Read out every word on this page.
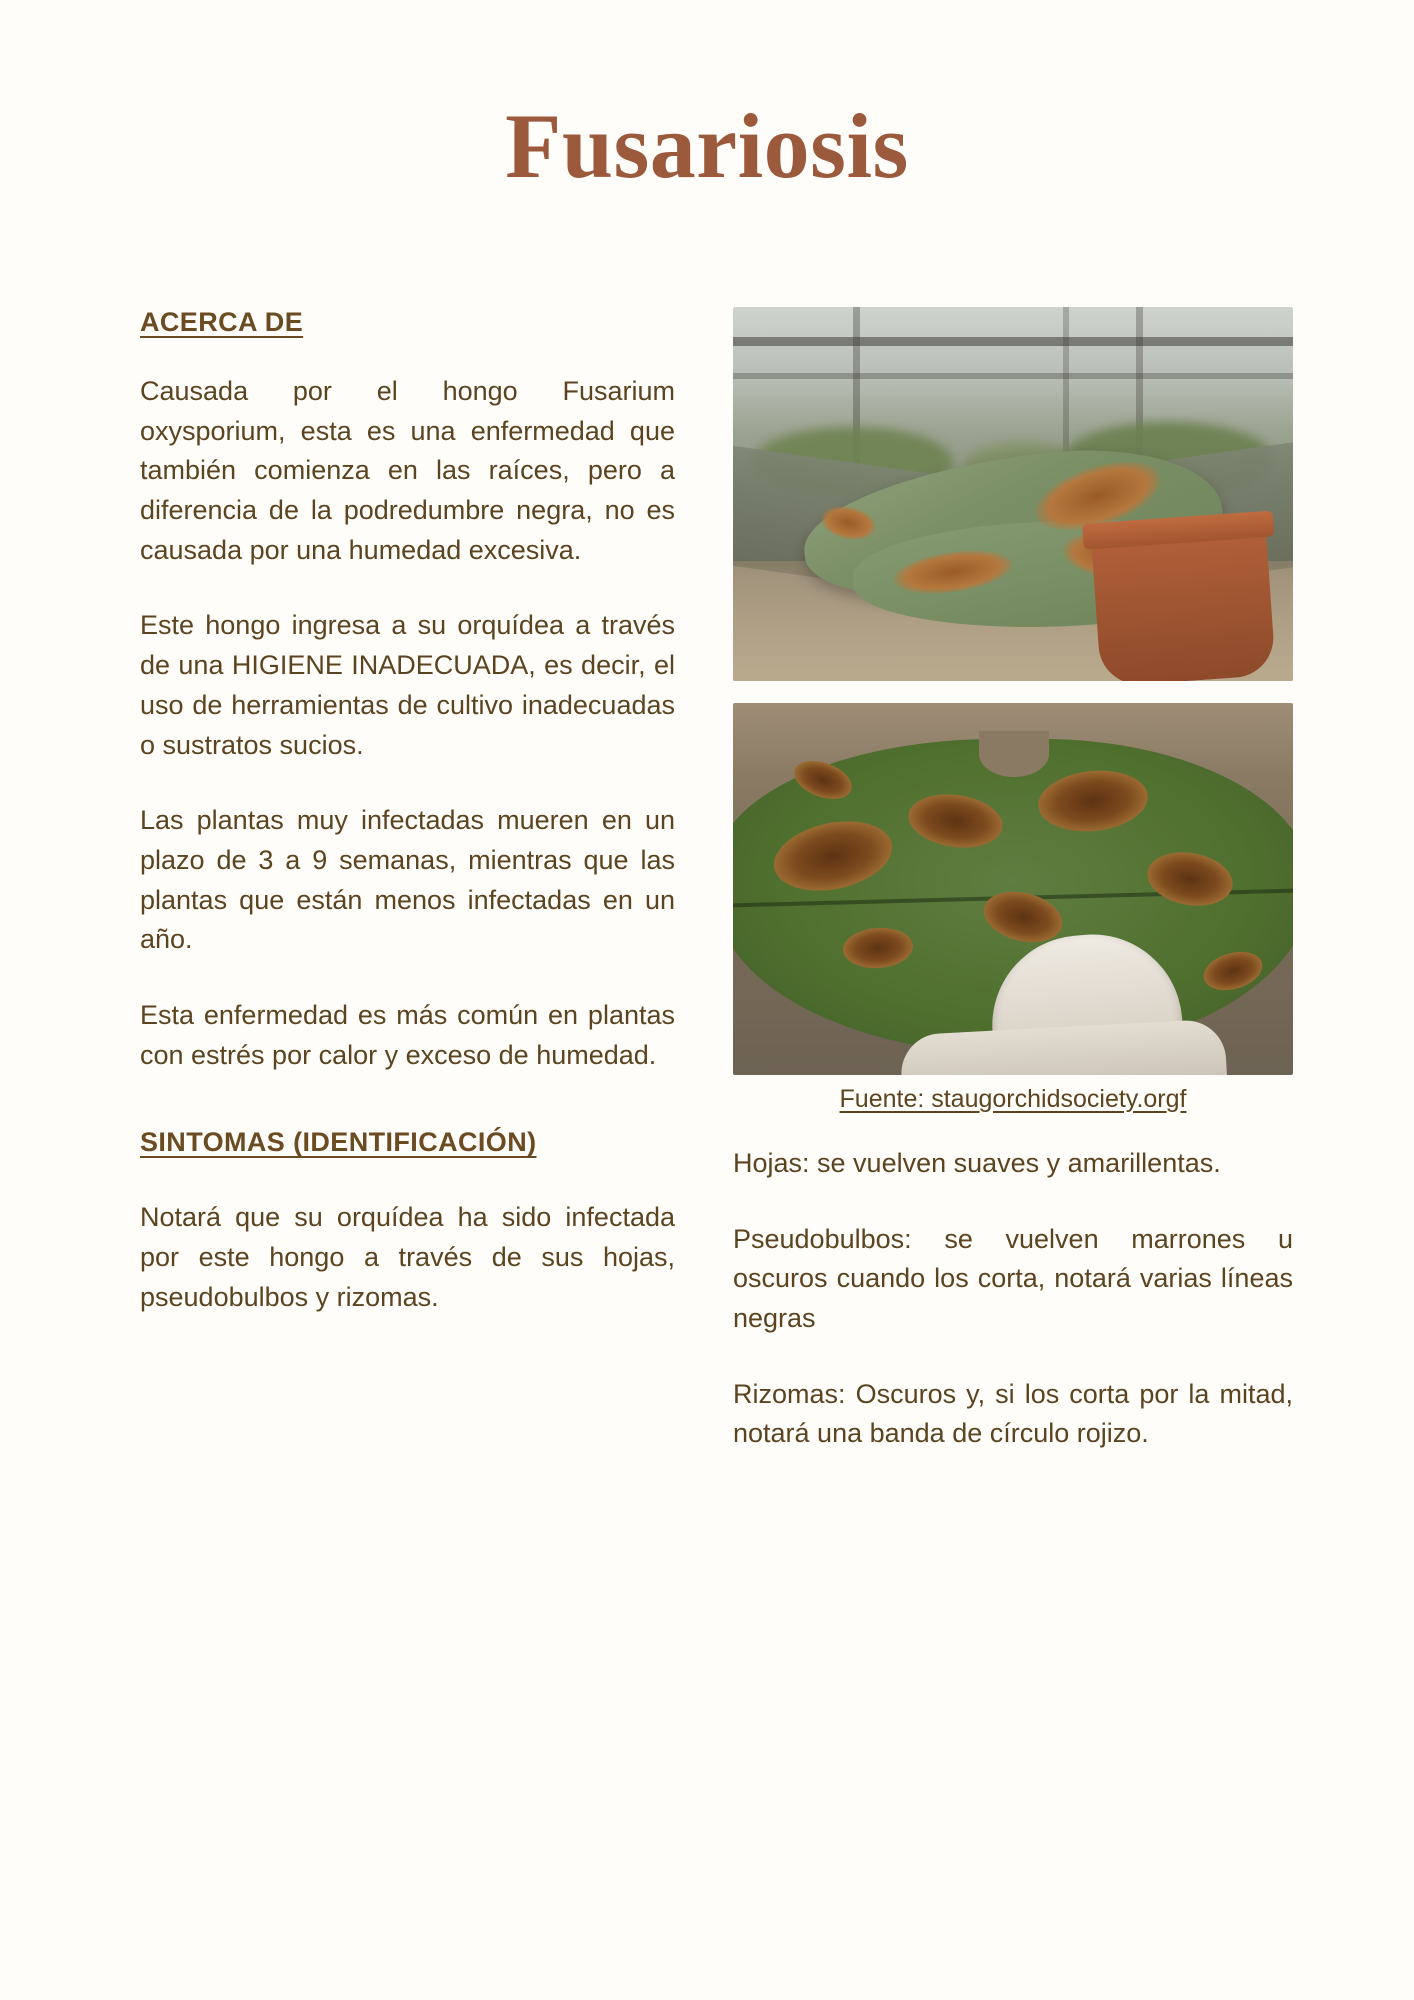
Fusariosis
ACERCA DE

Causada por el hongo Fusarium oxysporium, esta es una enfermedad que también comienza en las raíces, pero a diferencia de la podredumbre negra, no es causada por una humedad excesiva.

Este hongo ingresa a su orquídea a través de una HIGIENE INADECUADA, es decir, el uso de herramientas de cultivo inadecuadas o sustratos sucios.

Las plantas muy infectadas mueren en un plazo de 3 a 9 semanas, mientras que las plantas que están menos infectadas en un año.

Esta enfermedad es más común en plantas con estrés por calor y exceso de humedad.

SINTOMAS (IDENTIFICACIÓN)

Notará que su orquídea ha sido infectada por este hongo a través de sus hojas, pseudobulbos y rizomas.

Fuente: staugorchidsociety.orgf

Hojas: se vuelven suaves y amarillentas.

Pseudobulbos: se vuelven marrones u oscuros cuando los corta, notará varias líneas negras

Rizomas: Oscuros y, si los corta por la mitad, notará una banda de círculo rojizo.
